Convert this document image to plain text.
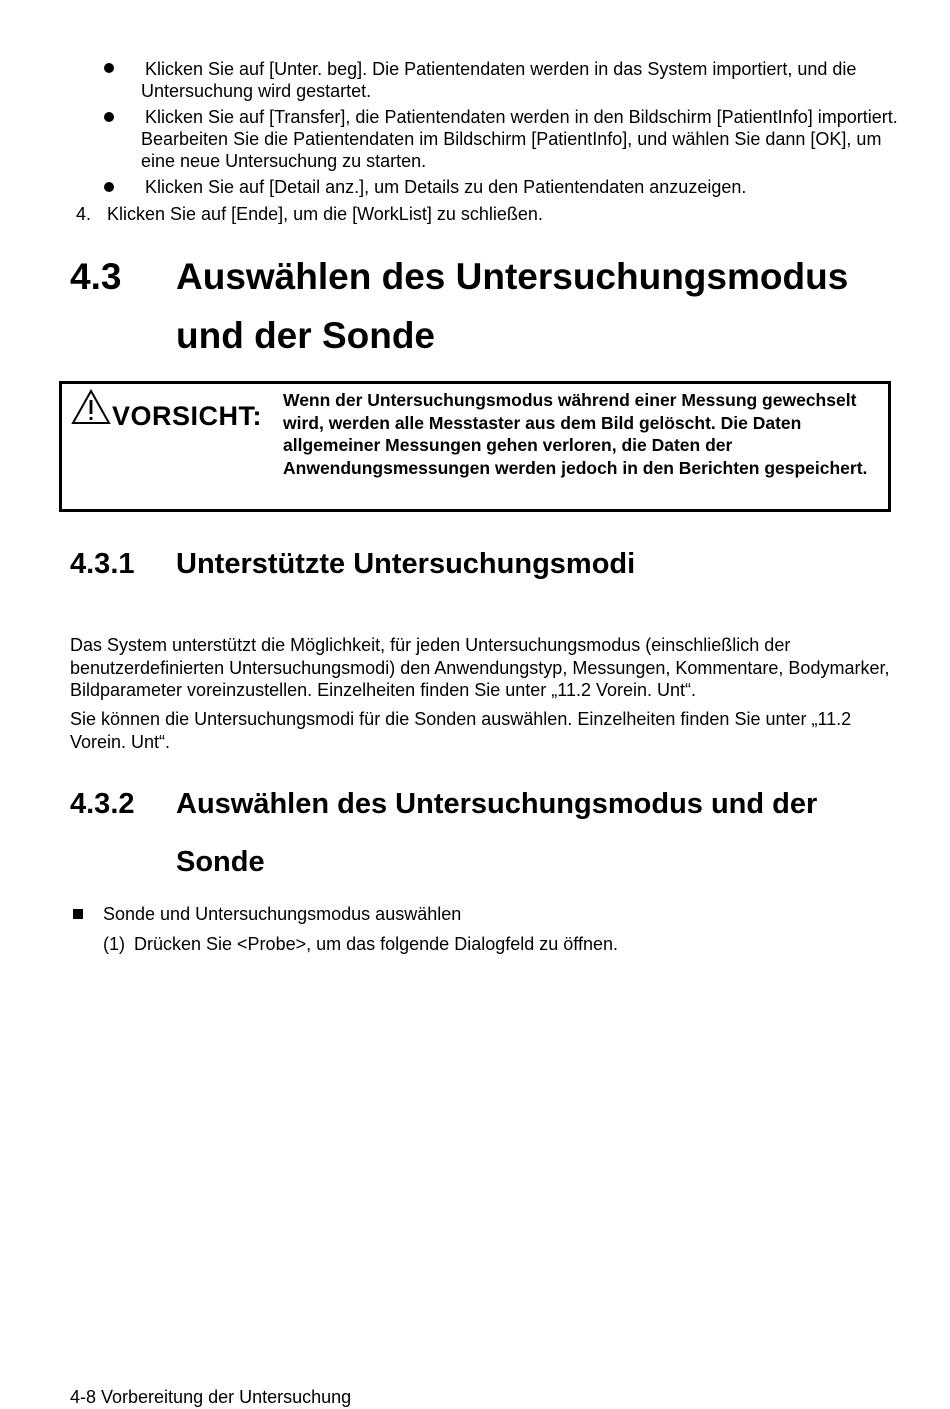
Klicken Sie auf [Unter. beg]. Die Patientendaten werden in das System importiert, und die Untersuchung wird gestartet.
Klicken Sie auf [Transfer], die Patientendaten werden in den Bildschirm [PatientInfo] importiert. Bearbeiten Sie die Patientendaten im Bildschirm [PatientInfo], und wählen Sie dann [OK], um eine neue Untersuchung zu starten.
Klicken Sie auf [Detail anz.], um Details zu den Patientendaten anzuzeigen.
4. Klicken Sie auf [Ende], um die [WorkList] zu schließen.
4.3 Auswählen des Untersuchungsmodus
und der Sonde
VORSICHT:
Wenn der Untersuchungsmodus während einer Messung gewechselt wird, werden alle Messtaster aus dem Bild gelöscht. Die Daten allgemeiner Messungen gehen verloren, die Daten der Anwendungsmessungen werden jedoch in den Berichten gespeichert.
4.3.1 Unterstützte Untersuchungsmodi
Das System unterstützt die Möglichkeit, für jeden Untersuchungsmodus (einschließlich der benutzerdefinierten Untersuchungsmodi) den Anwendungstyp, Messungen, Kommentare, Bodymarker, Bildparameter voreinzustellen. Einzelheiten finden Sie unter „11.2 Vorein. Unt“.
Sie können die Untersuchungsmodi für die Sonden auswählen. Einzelheiten finden Sie unter „11.2 Vorein. Unt“.
4.3.2 Auswählen des Untersuchungsmodus und der
Sonde
Sonde und Untersuchungsmodus auswählen
(1) Drücken Sie <Probe>, um das folgende Dialogfeld zu öffnen.
4-8 Vorbereitung der Untersuchung
